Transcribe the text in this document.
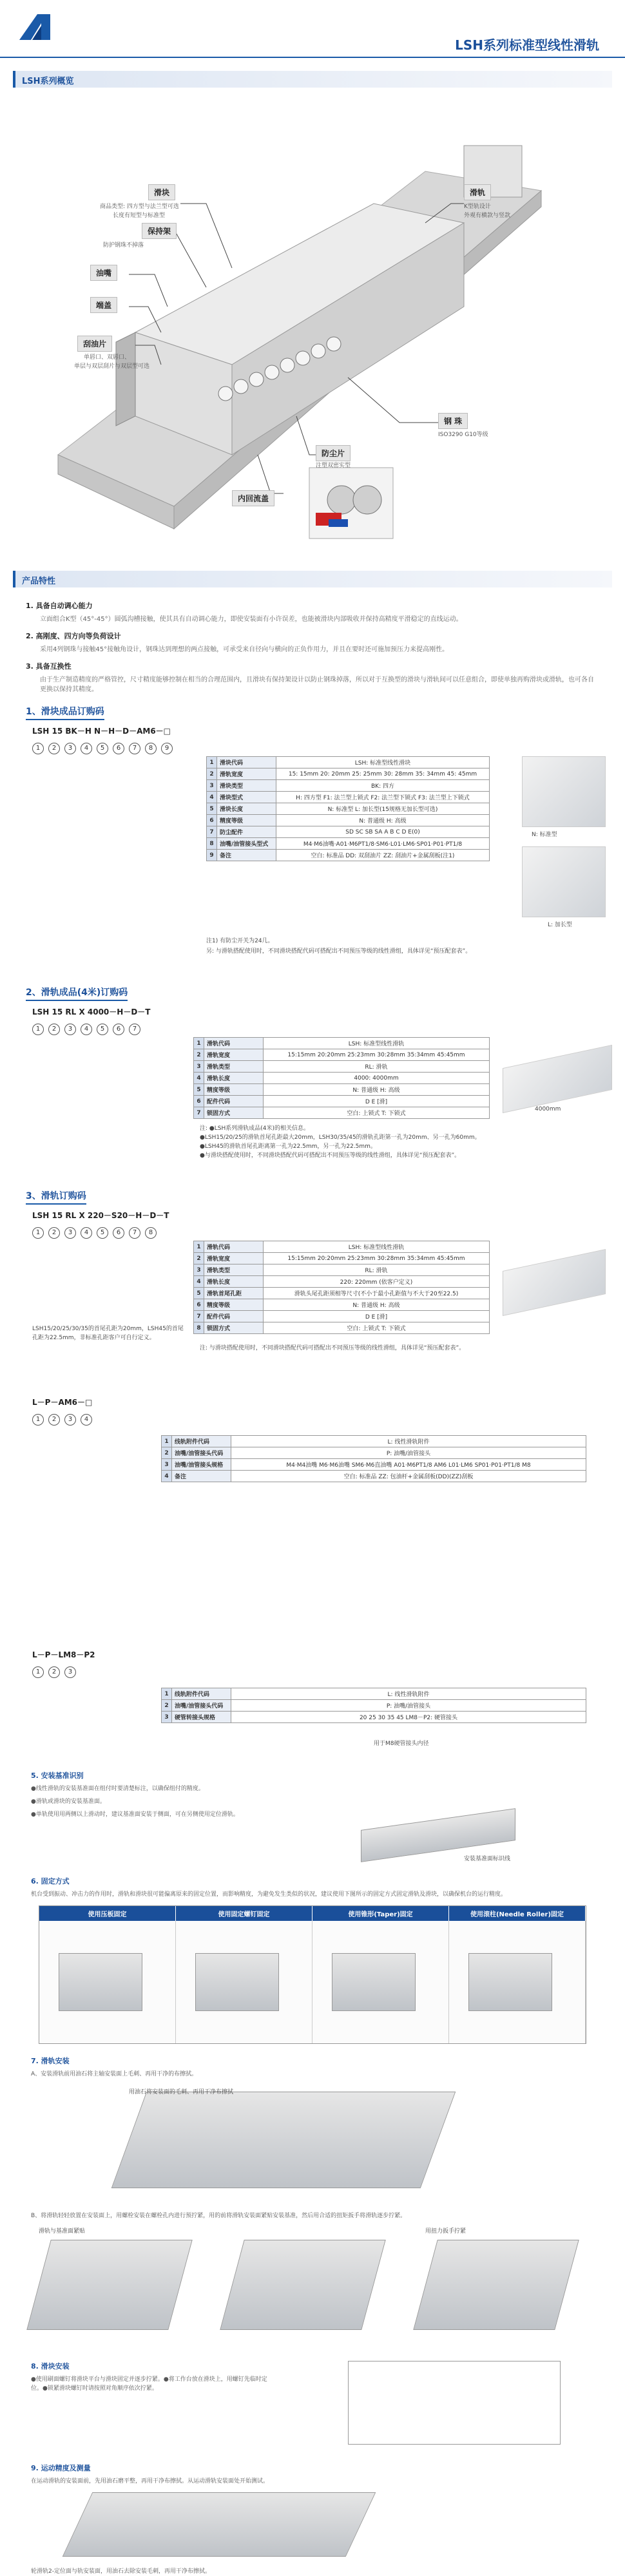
LSH系列标准型线性滑轨
LSH系列概览
滑块
商品类型: 四方型与法兰型可选
长度有短型与标准型
保持架
防护钢珠不掉落
油嘴
端盖
刮油片
单唇口、双唇口、
单层与双层刮片与双层型可选
滑轨
K型轨设计
外观有横款与竖款
钢 珠
ISO3290 G10等级
防尘片
注塑双密实型
内回流盖
产品特性
1. 具备自动调心能力
立面组合K型（45°-45°）圆弧沟槽接触，使其具有自动调心能力，即使安装面有小许误差，也能被滑块内部吸收并保持高精度平滑稳定的直线运动。
2. 高刚度、四方向等负荷设计
采用4列钢珠与接触45°接触角设计，钢珠达到理想的两点接触，可承受来自径向与横向的正负作用力，并且在要时还可施加预压力来提高刚性。
3. 具备互换性
由于生产制造精度的严格管控，尺寸精度能够控制在相当的合理范围内，且滑块有保持架设计以防止钢珠掉落，所以对于互换型的滑块与滑轨间可以任意组合，即使单独再购滑块或滑轨，也可各自更换以保持其精度。
1、滑块成品订购码
LSH 15 BK－H N－H－D－AM6－□
1	2	3	4	5	6	7	8	9
1	滑块代码	LSH: 标准型线性滑块
2	滑轨宽度	15: 15mm 20: 20mm 25: 25mm 30: 28mm 35: 34mm 45: 45mm
3	滑块类型	BK: 四方
4	滑块型式	H: 四方型 F1: 法兰型上锁式 F2: 法兰型下锁式 F3: 法兰型上下锁式
5	滑块长度	N: 标准型 L: 加长型(15规格无加长型可选)
6	精度等级	N: 普通级 H: 高级
7	防尘配件	SD SC SB SA A B C D E(0)
8	油嘴/油管接头型式	M4·M6油嘴·A01·M6PT1/8·SM6·L01·LM6·SP01·P01·PT1/8
9	备注	空白: 标准品 DD: 双刮油片 ZZ: 刮油片+金属刮板(注1)
N: 标准型
L: 加长型
注1) 有防尘开关为24几。
另: 与滑轨搭配使用时，不同滑块搭配代码可搭配出不同预压等级的线性滑组，具体详见“预压配套表”。
2、滑轨成品(4米)订购码
LSH 15 RL X 4000－H－D－T
1	2	3	4	5	6	7
1	滑轨代码	LSH: 标准型线性滑轨
2	滑轨宽度	15:15mm 20:20mm 25:23mm 30:28mm 35:34mm 45:45mm
3	滑轨类型	RL: 滑轨
4	滑轨长度	4000: 4000mm
5	精度等级	N: 普通级 H: 高级
6	配件代码	D E [滑]
7	锁固方式	空白: 上锁式 T: 下锁式
4000mm
注: ●LSH系列滑轨成品(4米)的相关信息。
●LSH15/20/25的滑轨首尾孔距最大20mm，LSH30/35/45的滑轨孔距第一孔为20mm、另一孔为60mm。
●LSH45的滑轨首尾孔距离第一孔为22.5mm，另一孔为22.5mm。
●与滑块搭配使用时，不同滑块搭配代码可搭配出不同预压等级的线性滑组，具体详见“预压配套表”。
3、滑轨订购码
LSH 15 RL X 220－S20－H－D－T
1	2	3	4	5	6	7	8
1	滑轨代码	LSH: 标准型线性滑轨
2	滑轨宽度	15:15mm 20:20mm 25:23mm 30:28mm 35:34mm 45:45mm
3	滑轨类型	RL: 滑轨
4	滑轨长度	220: 220mm (依客户定义)
5	滑轨首尾孔距	滑轨头尾孔距须相等尺寸(不小于最小孔距值与不大于20至22.5)
6	精度等级	N: 普通级 H: 高级
7	配件代码	D E [滑]
8	锁固方式	空白: 上锁式 T: 下锁式
LSH15/20/25/30/35的首尾孔距为20mm，LSH45的首尾孔距为22.5mm，非标准孔距客户可自行定义。
注: 与滑块搭配使用时，不同滑块搭配代码可搭配出不同预压等级的线性滑组，具体详见“预压配套表”。
L－P－AM6－□
1	2	3	4
1	线轨附件代码	L: 线性滑轨附件
2	油嘴/油管接头代码	P: 油嘴/油管接头
3	油嘴/油管接头规格	M4·M4油嘴 M6·M6油嘴 SM6·M6直油嘴 A01·M6PT1/8 AM6 L01·LM6 SP01·P01·PT1/8 M8
4	备注	空白: 标准品 ZZ: 包油杆+金属刮板(DD)(ZZ)刮板
L－P－LM8－P2
1	2	3
1	线轨附件代码	L: 线性滑轨附件
2	油嘴/油管接头代码	P: 油嘴/油管接头
3	硬管转接头规格	20 25 30 35 45 LM8－P2: 硬管接头
用于M8硬管接头内径
5. 安装基准识别
●线性滑轨的安装基准面在组付时要清楚标注，以确保组付的精度。
●滑轨或滑块的安装基准面。
●单轨使用用两侧以上滑动时，建议基准面安装于侧面，可在另侧使用定位滑轨。
安装基准面标识线
6. 固定方式
机台受到振动、冲击力的作用时，滑轨和滑块很可能偏离原来的固定位置，而影响精度，为避免发生类似的状况，建议使用下图所示的固定方式固定滑轨及滑块，以确保机台的运行精度。
使用压板固定	使用固定螺钉固定	使用锥形(Taper)固定	使用滚柱(Needle Roller)固定
7. 滑轨安装
A、安装滑轨前用油石将主轴安装面上毛刺、再用干净的布擦拭。
用油石将安装面的毛刺、再用干净布擦拭
B、将滑轨轻轻放置在安装面上，用螺栓安装在螺栓孔内进行预拧紧，用的前将滑轨安装面紧贴安装基准，然后用合适的扭矩扳手将滑轨逐步拧紧。
滑轨与基准面紧贴	用扭力扳手拧紧
8. 滑块安装
●使用刷面螺钉将滑块平台与滑块固定并逐步拧紧。●将工作台放在滑块上，用螺钉先临时定位。●锁紧滑块螺钉时请按照对角顺序依次拧紧。
9. 运动精度及测量
在运动滑轨的安装面前，先用油石磨平整，再用干净布擦拭。从运动滑轨安装面处开始测试。
轮滑轨2-定位面与轨安装面，用油石去除安装毛刺，再用干净布擦拭。
